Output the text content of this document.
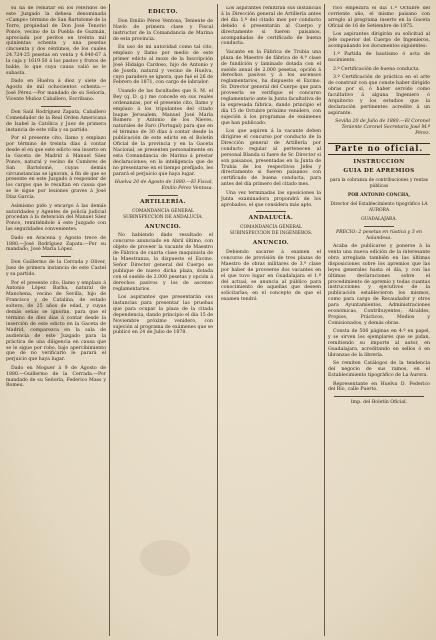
su ha de rematar en los referidos de este Juzgado la dehesa denominada «Campo» término de San Bartolomé de la Torre, propiedad de Don José Tenorio Ponce, vecino de la Puebla de Guzmán, apreciada por peritos en treinta mil quinientas ochenta y una pesetas cincuenta y dos céntimos, de los cuales 24.724·25 pesetas en venta y 4.040·67 á la caja y 1619·50 á los pastos y frutos de balde, lo que cuya causa valió se le subasta.

Dado en Huelva á diez y siete de Agosto de mil ochocientos ochenta.— José Pérez.—Por mandado de su Señoría, Vicente Muñoz Caballero, Escribano.

Don Saúl Rodríguez Zapata, Caballero Comendador de la Real Orden Americana de Isabel la Católica y Juez de primera instancia de este villa y su partido.

Por el presente cito, llamo y emplazo por término de treinta días á contar desde el en que este edicto sea inserto en la Gaceta de Madrid á Manuel Sáez Ponce, natural y vecino de Cumbres de San Bartolomé, cuyas demás circunstancias se ignoran, á fin de que se presente en este Juzgado á responder de los cargos que le resultan en causa que se le sigue por lesiones graves á José Díaz García.

Asimismo pido y encargo á las demás autoridades y Agentes de policía judicial procedan á la detención del Manuel Sáez Ponce, remitiéndole á este Juzgado con las seguridades convenientes.

Dado en Aracena y Agosto trece de 1880.—José Rodríguez Zapata.—Por su mandado, José María López.

Don Guillermo de la Cerrada y Oliver, Juez de primera instancia de este Castel y su partido.

Por el presente cito, llamo y emplazo á Antonio López Barba, natural de Manchena, vecino de Sevilla, hijo de Francisco y de Catalina, de estado soltero, de 25 años de edad, y cuyas demás señas se ignoran, para que el término de diez días á contar desde la inserción de este edicto en la Gaceta de Madrid, comparezca en la sala de audiencia de este Juzgado para la práctica de una diligencia en causa que se le sigue por robo, bajo apercibimiento que de no verificarlo le parará el perjuicio que haya lugar.

Dado en Moguer á 9 de Agosto de 1880.—Guillermo de la Cerrada.—Por mandado de su Señoría, Federico Mass y Romeu.

EDICTO.

Don Emilio Pérez Ventosa, Teniente de Navío de primera clase y Fiscal instructor de la Comandancia de Marina de esta provincia.

En uso de mi autoridad como tal cito, emplazo y llamo por medio de este primer edicto al mozo de la Inscripción José Hidalgo Cardoso, hijo de Antonio y de Josefa, natural y vecino de Huelva, cuyo paradero se ignora, que fué el 26 de Febrero de 1871, con cargo de labrador.

Usando de las facultades que S. M. el Rey (q. D. g.) me concede en sus reales ordenanzas, por el presente cito, llamo y emplazo á los tripulantes del citado buque Jerusalem, Manuel José María Romero y Antonio de los Nieves, naturales de Faro (Portugal) para que en el término de 30 días á contar desde la publicación de este edicto en el Boletín Oficial de la provincia y en la Gaceta Nacional, se presenten personalmente en esta Comandancia de Marina á prestar declaraciones; en la inteligencia que de no presentarse en el tiempo prefijado, les parará el perjuicio que haya lugar.

Huelva 20 de Agosto de 1880.—El Fiscal, Emilio Pérez Ventosa.

ARTILLERÍA.
COMANDANCIA GENERAL SUBINSPECCION DE ANDALUCÍA.
ANUNCIO.

No habiendo dado resultado el concurso anunciado en Abril último, con objeto de proveer la vacante de Maestro de Fábrica de cuarta clase maquinista de la Maestranza, la dispuesto el Excmo. Señor Director general del Cuerpo se publique de nuevo dicha plaza, dotada con el sueldo de 2.000 pesetas y opción á derechos pasivos y los de ascenso reglamentarios.

Los aspirantes que presentarán sus instancias para presentar las pruebas que para ocupar la plaza de la citada dependencia, dando principio el día 15 de Noviembre próximo venidero, con sujeción al programa de exámenes que se publicó en 24 de Julio de 1878.

Los aspirantes remitirán sus instancias á la Dirección general de Artillería antes del día 1.º del citado mes por conducto debido ó presentarán al Cuerpo y directamente si fueren paisanos, acompañadas de certificado de buena conducta.

Vacante en la Fábrica de Trubia una plaza de Maestro de fábrica de 4.ª clase de fundición y laminado dotada con el sueldo anual de 2.000 pesetas, opción á derechos pasivos y á los ascensos reglamentarios, ha dispuesto el Excmo. Sr. Director general del Cuerpo que para proveerla se verifique el concurso reglamentario ante la Junta facultativa de la expresada fábrica, dando principio el día 15 de Octubre próximo venidero, con sujeción á los programas de exámenes que han publicado.

Los que aspiren á la vacante deben dirigirse el concurso por conducto de la Dirección general de Artillería por conducto regular al pertenecen al personal Blanda si fuere de Sr. Director si son paisanos, presentadas en la Junta de Trubia de los respectivos Jefes y directamente si fueren paisanos con certificado de buena conducta, para antes del día primero del citado mes.

Una vez terminadas las oposiciones la Junta examinadora propondrá de los aprobados, el que considera más apto.

ANDALUCÍA.
COMANDANCIA GENERAL SUBINSPECCION DE INGENIEROS.
ANUNCIO.

Debiendo sacarse á examen el concurso de provisión de tres plazas de Maestro de obras militares de 3.ª clase por haber de proveerse dos vacantes en el que tuvo lugar en Guadalajara el 1.º del actual, se anuncia al público para conocimiento de aquellas que deseen solicitarlas; en el concepto de que el examen tendrá

rico empezará el día 1.º Octubre del corriente año, el mismo paisano con arreglo al programa inserto en la Gaceta Oficial de 16 de Setiembre de 1875.

Los aspirantes dirigirán su solicitud al Jefe superior del Cuerpo de Ingenieros, acompañando los documentos siguientes:

1.º Partida de bautismo ó acta de nacimiento.

2.º Certificación de buena conducta.

3.º Certificación de práctica en el arte de construir con que conste haber dirigido obras por sí, ó haber servido como facultativo á alguna Ingeniero ó Arquitecto y los estudios que la declaración pertinentes acredite á un aspirante.

Sevilla 20 de Julio de 1880.—El Coronel Teniente Coronel Secretario José M.ª Pérez.

Parte no oficial.
INSTRUCCION
GUIA DE APREMIOS
para la cobranza de contribuciones y rentas públicas
POR ANTONIO CONCHA,
Director del Establecimiento tipográfico LA AURORA
GUADALAJARA.

PRECIO: 2 pesetas en rústica y 3 en holandesa.

Acaba de publicarse y ponerse á la venta una nueva edición de la interesante obra arreglada también en las últimas disposiciones sobre los apremios que las leyes generales hasta el día, y con las últimas declaraciones sobre el procedimiento de apremio y todas cuantas instrucciones y ejecutivos de la publicación establecieron los mismos, como para cargo de Recaudador y otros para Ayuntamientos, Administraciones económicas, Contribuyentes, Alcaldes, Propios, Prácticos, Medios y Comisionados, y demás obras.

Consta de 506 páginas en 4.º en papel, y se sirven los ejemplares que se pidan, remitiendo su importe al autor, en Guadalajara, acreditando en sellos ó en libranzas de la librería.

Se remiten Catálogos de la tendencia del negocio de sus ramos, en el Establecimiento tipográfico de La Aurora.

Representante en Huelva D. Federico del Río, calle Puerto.

Imp. del Boletín Oficial.
